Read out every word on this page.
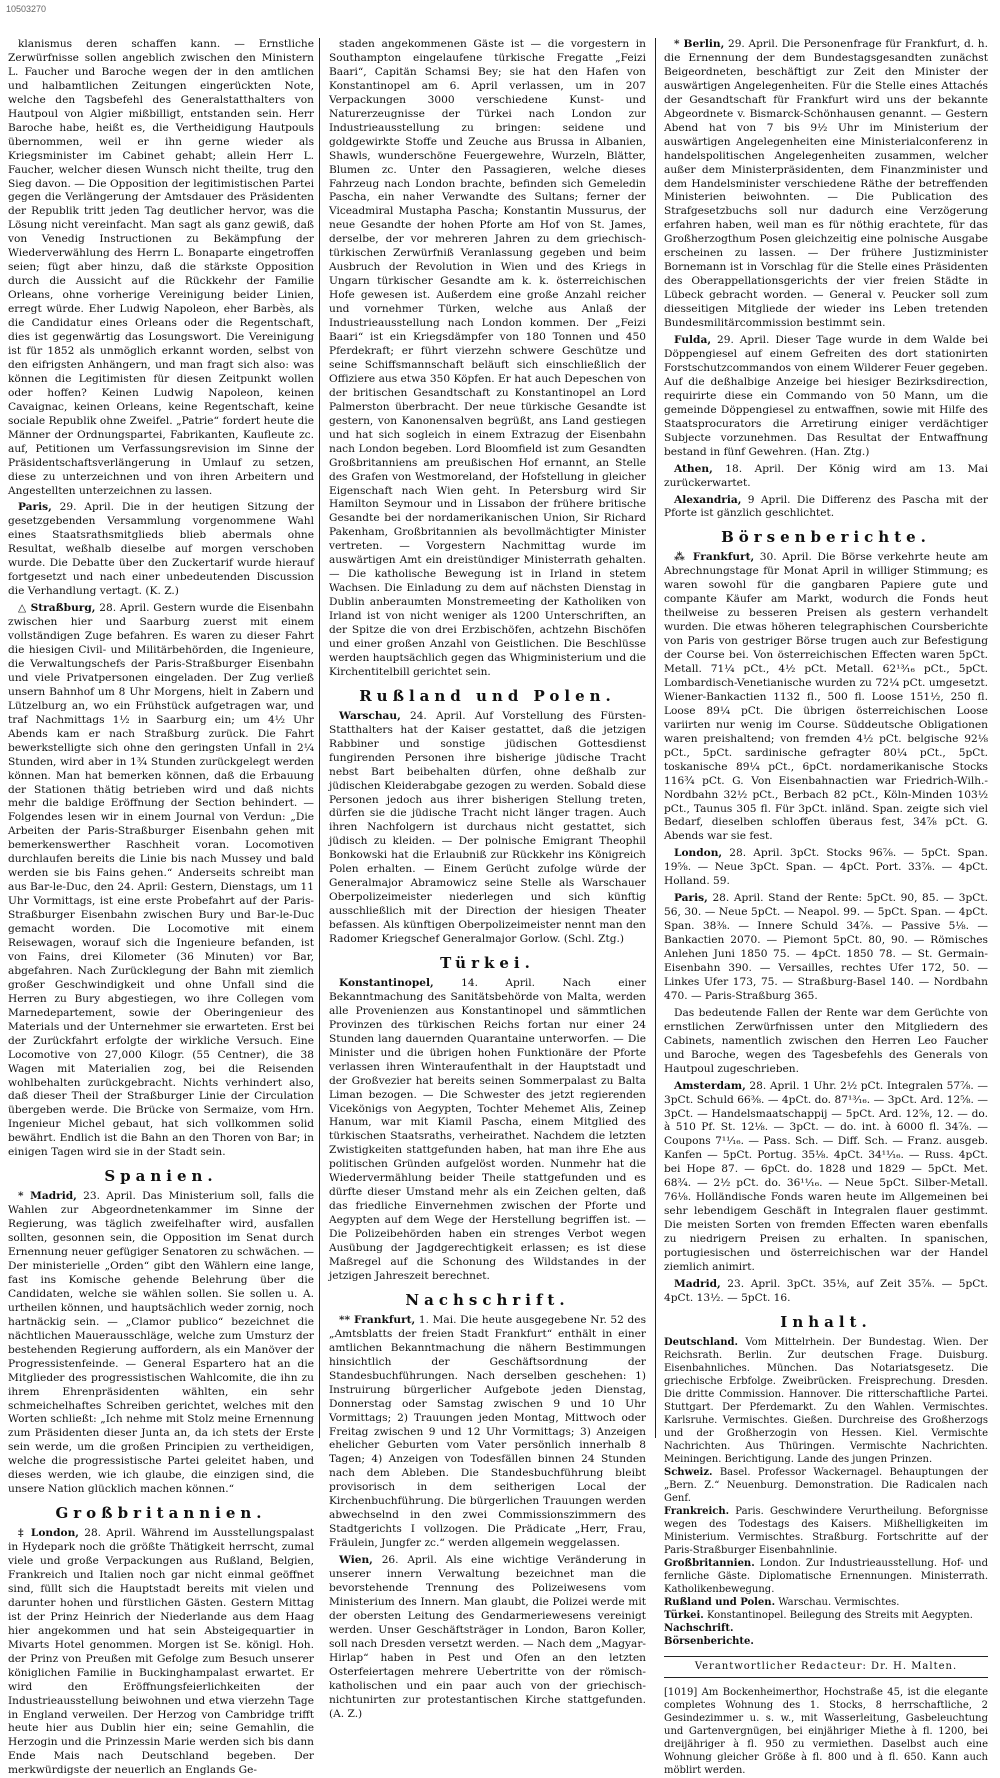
10503270

klanismus deren schaffen kann. — Ernstliche Zerwürfnisse sollen angeblich zwischen den Ministern L. Faucher und Baroche wegen der in den amtlichen und halbamtlichen Zeitungen eingerückten Note, welche den Tagsbefehl des Generalstatthalters von Hautpoul von Algier mißbilligt, entstanden sein. Herr Baroche habe, heißt es, die Vertheidigung Hautpouls übernommen, weil er ihn gerne wieder als Kriegsminister im Cabinet gehabt; allein Herr L. Faucher, welcher diesen Wunsch nicht theilte, trug den Sieg davon. — Die Opposition der legitimistischen Partei gegen die Verlängerung der Amtsdauer des Präsidenten der Republik tritt jeden Tag deutlicher hervor, was die Lösung nicht vereinfacht. Man sagt als ganz gewiß, daß von Venedig Instructionen zu Bekämpfung der Wiederverwählung des Herrn L. Bonaparte eingetroffen seien; fügt aber hinzu, daß die stärkste Opposition durch die Aussicht auf die Rückkehr der Familie Orleans, ohne vorherige Vereinigung beider Linien, erregt würde. Eher Ludwig Napoleon, eher Barbès, als die Candidatur eines Orleans oder die Regentschaft, dies ist gegenwärtig das Losungswort. Die Vereinigung ist für 1852 als unmöglich erkannt worden, selbst von den eifrigsten Anhängern, und man fragt sich also: was können die Legitimisten für diesen Zeitpunkt wollen oder hoffen? Keinen Ludwig Napoleon, keinen Cavaignac, keinen Orleans, keine Regentschaft, keine sociale Republik ohne Zweifel. „Patrie“ fordert heute die Männer der Ordnungspartei, Fabrikanten, Kaufleute zc. auf, Petitionen um Verfassungsrevision im Sinne der Präsidentschaftsverlängerung in Umlauf zu setzen, diese zu unterzeichnen und von ihren Arbeitern und Angestellten unterzeichnen zu lassen.

Paris, 29. April. Die in der heutigen Sitzung der gesetzgebenden Versammlung vorgenommene Wahl eines Staatsrathsmitglieds blieb abermals ohne Resultat, weßhalb dieselbe auf morgen verschoben wurde. Die Debatte über den Zuckertarif wurde hierauf fortgesetzt und nach einer unbedeutenden Discussion die Verhandlung vertagt. (K. Z.)

△ Straßburg, 28. April. Gestern wurde die Eisenbahn zwischen hier und Saarburg zuerst mit einem vollständigen Zuge befahren. Es waren zu dieser Fahrt die hiesigen Civil- und Militärbehörden, die Ingenieure, die Verwaltungschefs der Paris-Straßburger Eisenbahn und viele Privatpersonen eingeladen. Der Zug verließ unsern Bahnhof um 8 Uhr Morgens, hielt in Zabern und Lützelburg an, wo ein Frühstück aufgetragen war, und traf Nachmittags 1½ in Saarburg ein; um 4½ Uhr Abends kam er nach Straßburg zurück. Die Fahrt bewerkstelligte sich ohne den geringsten Unfall in 2¼ Stunden, wird aber in 1¾ Stunden zurückgelegt werden können. Man hat bemerken können, daß die Erbauung der Stationen thätig betrieben wird und daß nichts mehr die baldige Eröffnung der Section behindert. — Folgendes lesen wir in einem Journal von Verdun: „Die Arbeiten der Paris-Straßburger Eisenbahn gehen mit bemerkenswerther Raschheit voran. Locomotiven durchlaufen bereits die Linie bis nach Mussey und bald werden sie bis Fains gehen.“ Anderseits schreibt man aus Bar-le-Duc, den 24. April: Gestern, Dienstags, um 11 Uhr Vormittags, ist eine erste Probefahrt auf der Paris-Straßburger Eisenbahn zwischen Bury und Bar-le-Duc gemacht worden. Die Locomotive mit einem Reisewagen, worauf sich die Ingenieure befanden, ist von Fains, drei Kilometer (36 Minuten) vor Bar, abgefahren. Nach Zurücklegung der Bahn mit ziemlich großer Geschwindigkeit und ohne Unfall sind die Herren zu Bury abgestiegen, wo ihre Collegen vom Marnedepartement, sowie der Oberingenieur des Materials und der Unternehmer sie erwarteten. Erst bei der Zurückfahrt erfolgte der wirkliche Versuch. Eine Locomotive von 27,000 Kilogr. (55 Centner), die 38 Wagen mit Materialien zog, bei die Reisenden wohlbehalten zurückgebracht. Nichts verhindert also, daß dieser Theil der Straßburger Linie der Circulation übergeben werde. Die Brücke von Sermaize, vom Hrn. Ingenieur Michel gebaut, hat sich vollkommen solid bewährt. Endlich ist die Bahn an den Thoren von Bar; in einigen Tagen wird sie in der Stadt sein.

Spanien.

* Madrid, 23. April. Das Ministerium soll, falls die Wahlen zur Abgeordnetenkammer im Sinne der Regierung, was täglich zweifelhafter wird, ausfallen sollten, gesonnen sein, die Opposition im Senat durch Ernennung neuer gefügiger Senatoren zu schwächen. — Der ministerielle „Orden“ gibt den Wählern eine lange, fast ins Komische gehende Belehrung über die Candidaten, welche sie wählen sollen. Sie sollen u. A. urtheilen können, und hauptsächlich weder zornig, noch hartnäckig sein. — „Clamor publico“ bezeichnet die nächtlichen Mauerausschläge, welche zum Umsturz der bestehenden Regierung auffordern, als ein Manöver der Progressistenfeinde. — General Espartero hat an die Mitglieder des progressistischen Wahlcomite, die ihn zu ihrem Ehrenpräsidenten wählten, ein sehr schmeichelhaftes Schreiben gerichtet, welches mit den Worten schließt: „Ich nehme mit Stolz meine Ernennung zum Präsidenten dieser Junta an, da ich stets der Erste sein werde, um die großen Principien zu vertheidigen, welche die progressistische Partei geleitet haben, und dieses werden, wie ich glaube, die einzigen sind, die unsere Nation glücklich machen können.“

Großbritannien.

‡ London, 28. April. Während im Ausstellungspalast in Hydepark noch die größte Thätigkeit herrscht, zumal viele und große Verpackungen aus Rußland, Belgien, Frankreich und Italien noch gar nicht einmal geöffnet sind, füllt sich die Hauptstadt bereits mit vielen und darunter hohen und fürstlichen Gästen. Gestern Mittag ist der Prinz Heinrich der Niederlande aus dem Haag hier angekommen und hat sein Absteigequartier in Mivarts Hotel genommen. Morgen ist Se. königl. Hoh. der Prinz von Preußen mit Gefolge zum Besuch unserer königlichen Familie in Buckinghampalast erwartet. Er wird den Eröffnungsfeierlichkeiten der Industrieausstellung beiwohnen und etwa vierzehn Tage in England verweilen. Der Herzog von Cambridge trifft heute hier aus Dublin hier ein; seine Gemahlin, die Herzogin und die Prinzessin Marie werden sich bis dann Ende Mais nach Deutschland begeben. Der merkwürdigste der neuerlich an Englands Ge-

staden angekommenen Gäste ist — die vorgestern in Southampton eingelaufene türkische Fregatte „Feizi Baari“, Capitän Schamsi Bey; sie hat den Hafen von Konstantinopel am 6. April verlassen, um in 207 Verpackungen 3000 verschiedene Kunst- und Naturerzeugnisse der Türkei nach London zur Industrieausstellung zu bringen: seidene und goldgewirkte Stoffe und Zeuche aus Brussa in Albanien, Shawls, wunderschöne Feuergewehre, Wurzeln, Blätter, Blumen zc. Unter den Passagieren, welche dieses Fahrzeug nach London brachte, befinden sich Gemeledin Pascha, ein naher Verwandte des Sultans; ferner der Viceadmiral Mustapha Pascha; Konstantin Mussurus, der neue Gesandte der hohen Pforte am Hof von St. James, derselbe, der vor mehreren Jahren zu dem griechisch-türkischen Zerwürfniß Veranlassung gegeben und beim Ausbruch der Revolution in Wien und des Kriegs in Ungarn türkischer Gesandte am k. k. österreichischen Hofe gewesen ist. Außerdem eine große Anzahl reicher und vornehmer Türken, welche aus Anlaß der Industrieausstellung nach London kommen. Der „Feizi Baari“ ist ein Kriegsdämpfer von 180 Tonnen und 450 Pferdekraft; er führt vierzehn schwere Geschütze und seine Schiffsmannschaft beläuft sich einschließlich der Offiziere aus etwa 350 Köpfen. Er hat auch Depeschen von der britischen Gesandtschaft zu Konstantinopel an Lord Palmerston überbracht. Der neue türkische Gesandte ist gestern, von Kanonensalven begrüßt, ans Land gestiegen und hat sich sogleich in einem Extrazug der Eisenbahn nach London begeben. Lord Bloomfield ist zum Gesandten Großbritanniens am preußischen Hof ernannt, an Stelle des Grafen von Westmoreland, der Hofstellung in gleicher Eigenschaft nach Wien geht. In Petersburg wird Sir Hamilton Seymour und in Lissabon der frühere britische Gesandte bei der nordamerikanischen Union, Sir Richard Pakenham, Großbritannien als bevollmächtigter Minister vertreten. — Vorgestern Nachmittag wurde im auswärtigen Amt ein dreistündiger Ministerrath gehalten. — Die katholische Bewegung ist in Irland in stetem Wachsen. Die Einladung zu dem auf nächsten Dienstag in Dublin anberaumten Monstremeeting der Katholiken von Irland ist von nicht weniger als 1200 Unterschriften, an der Spitze die von drei Erzbischöfen, achtzehn Bischöfen und einer großen Anzahl von Geistlichen. Die Beschlüsse werden hauptsächlich gegen das Whigministerium und die Kirchentitelbill gerichtet sein.

Rußland und Polen.

Warschau, 24. April. Auf Vorstellung des Fürsten-Statthalters hat der Kaiser gestattet, daß die jetzigen Rabbiner und sonstige jüdischen Gottesdienst fungirenden Personen ihre bisherige jüdische Tracht nebst Bart beibehalten dürfen, ohne deßhalb zur jüdischen Kleiderabgabe gezogen zu werden. Sobald diese Personen jedoch aus ihrer bisherigen Stellung treten, dürfen sie die jüdische Tracht nicht länger tragen. Auch ihren Nachfolgern ist durchaus nicht gestattet, sich jüdisch zu kleiden. — Der polnische Emigrant Theophil Bonkowski hat die Erlaubniß zur Rückkehr ins Königreich Polen erhalten. — Einem Gerücht zufolge würde der Generalmajor Abramowicz seine Stelle als Warschauer Oberpolizeimeister niederlegen und sich künftig ausschließlich mit der Direction der hiesigen Theater befassen. Als künftigen Oberpolizeimeister nennt man den Radomer Kriegschef Generalmajor Gorlow. (Schl. Ztg.)

Türkei.

Konstantinopel,	14. April. Nach einer Bekanntmachung des Sanitätsbehörde von Malta, werden alle Provenienzen aus Konstantinopel und sämmtlichen Provinzen des türkischen Reichs fortan nur einer 24 Stunden lang dauernden Quarantaine unterworfen. — Die Minister und die übrigen hohen Funktionäre der Pforte verlassen ihren Winteraufenthalt in der Hauptstadt und der Großvezier hat bereits seinen Sommerpalast zu Balta Liman bezogen. — Die Schwester des jetzt regierenden Vicekönigs von Aegypten, Tochter Mehemet Alis, Zeinep Hanum, war mit Kiamil Pascha, einem Mitglied des türkischen Staatsraths, verheirathet. Nachdem die letzten Zwistigkeiten stattgefunden haben, hat man ihre Ehe aus politischen Gründen aufgelöst worden. Nunmehr hat die Wiedervermählung beider Theile stattgefunden und es dürfte dieser Umstand mehr als ein Zeichen gelten, daß das friedliche Einvernehmen zwischen der Pforte und Aegypten auf dem Wege der Herstellung begriffen ist. — Die Polizeibehörden haben ein strenges Verbot wegen Ausübung der Jagdgerechtigkeit erlassen; es ist diese Maßregel auf die Schonung des Wildstandes in der jetzigen Jahreszeit berechnet.

Nachschrift.

** Frankfurt, 1. Mai. Die heute ausgegebene Nr. 52 des „Amtsblatts der freien Stadt Frankfurt“ enthält in einer amtlichen Bekanntmachung die nähern Bestimmungen hinsichtlich der Geschäftsordnung der Standesbuchführungen. Nach derselben geschehen: 1) Instruirung bürgerlicher Aufgebote jeden Dienstag, Donnerstag oder Samstag zwischen 9 und 10 Uhr Vormittags; 2) Trauungen jeden Montag, Mittwoch oder Freitag zwischen 9 und 12 Uhr Vormittags; 3) Anzeigen ehelicher Geburten vom Vater persönlich innerhalb 8 Tagen; 4) Anzeigen von Todesfällen binnen 24 Stunden nach dem Ableben. Die Standesbuchführung bleibt provisorisch in dem seitherigen Local der Kirchenbuchführung. Die bürgerlichen Trauungen werden abwechselnd in den zwei Commissionszimmern des Stadtgerichts I vollzogen. Die Prädicate „Herr, Frau, Fräulein, Jungfer zc.“ werden allgemein weggelassen.

Wien, 26. April. Als eine wichtige Veränderung in unserer innern Verwaltung bezeichnet man die bevorstehende Trennung des Polizeiwesens vom Ministerium des Innern. Man glaubt, die Polizei werde mit der obersten Leitung des Gendarmeriewesens vereinigt werden. Unser Geschäftsträger in London, Baron Koller, soll nach Dresden versetzt werden. — Nach dem „Magyar-Hirlap“ haben in Pest und Ofen an den letzten Osterfeiertagen mehrere Uebertritte von der römisch-katholischen und ein paar auch von der griechisch-nichtunirten zur protestantischen Kirche stattgefunden. (A. Z.)

* Berlin, 29. April. Die Personenfrage für Frankfurt, d. h. die Ernennung der dem Bundestagsgesandten zunächst Beigeordneten, beschäftigt zur Zeit den Minister der auswärtigen Angelegenheiten. Für die Stelle eines Attachés der Gesandtschaft für Frankfurt wird uns der bekannte Abgeordnete v. Bismarck-Schönhausen genannt. — Gestern Abend hat von 7 bis 9½ Uhr im Ministerium der auswärtigen Angelegenheiten eine Ministerialconferenz in handelspolitischen Angelegenheiten zusammen, welcher außer dem Ministerpräsidenten, dem Finanzminister und dem Handelsminister verschiedene Räthe der betreffenden Ministerien beiwohnten. — Die Publication des Strafgesetzbuchs soll nur dadurch eine Verzögerung erfahren haben, weil man es für nöthig erachtete, für das Großherzogthum Posen gleichzeitig eine polnische Ausgabe erscheinen zu lassen. — Der frühere Justizminister Bornemann ist in Vorschlag für die Stelle eines Präsidenten des Oberappellationsgerichts der vier freien Städte in Lübeck gebracht worden. — General v. Peucker soll zum diesseitigen Mitgliede der wieder ins Leben tretenden Bundesmilitärcommission bestimmt sein.

Fulda, 29. April. Dieser Tage wurde in dem Walde bei Döppengiesel auf einem Gefreiten des dort stationirten Forstschutzcommandos von einem Wilderer Feuer gegeben. Auf die deßhalbige Anzeige bei hiesiger Bezirksdirection, requirirte diese ein Commando von 50 Mann, um die gemeinde Döppengiesel zu entwaffnen, sowie mit Hilfe des Staatsprocurators die Arretirung einiger verdächtiger Subjecte vorzunehmen. Das Resultat der Entwaffnung bestand in fünf Gewehren. (Han. Ztg.)

Athen, 18. April. Der König wird am 13. Mai zurückerwartet.

Alexandria, 9 April. Die Differenz des Pascha mit der Pforte ist gänzlich geschlichtet.

Börsenberichte.

⁂ Frankfurt, 30. April. Die Börse verkehrte heute am Abrechnungstage für Monat April in williger Stimmung; es waren sowohl für die gangbaren Papiere gute und compante Käufer am Markt, wodurch die Fonds heut theilweise zu besseren Preisen als gestern verhandelt wurden. Die etwas höheren telegraphischen Coursberichte von Paris von gestriger Börse trugen auch zur Befestigung der Course bei. Von österreichischen Effecten waren 5pCt. Metall. 71¼ pCt., 4½ pCt. Metall. 62¹³⁄₁₆ pCt., 5pCt. Lombardisch-Venetianische wurden zu 72¼ pCt. umgesetzt. Wiener-Bankactien 1132 fl., 500 fl. Loose 151½, 250 fl. Loose 89¼ pCt. Die übrigen österreichischen Loose variirten nur wenig im Course. Süddeutsche Obligationen waren preishaltend; von fremden 4½ pCt. belgische 92⅛ pCt., 5pCt. sardinische gefragter 80¼ pCt., 5pCt. toskanische 89¼ pCt., 6pCt. nordamerikanische Stocks 116¾ pCt. G. Von Eisenbahnactien war Friedrich-Wilh.-Nordbahn 32½ pCt., Berbach 82 pCt., Köln-Minden 103½ pCt., Taunus 305 fl. Für 3pCt. inländ. Span. zeigte sich viel Bedarf, dieselben schloffen überaus fest, 34⅞ pCt. G. Abends war sie fest.

London, 28. April. 3pCt. Stocks 96⅞. — 5pCt. Span. 19⅝. — Neue 3pCt. Span. — 4pCt. Port. 33⅞. — 4pCt. Holland. 59.

Paris, 28. April. Stand der Rente: 5pCt. 90, 85. — 3pCt. 56, 30. — Neue 5pCt. — Neapol. 99. — 5pCt. Span. — 4pCt. Span. 38⅜. — Innere Schuld 34⅞. — Passive 5⅛. — Bankactien 2070. — Piemont 5pCt. 80, 90. — Römisches Anlehen Juni 1850 75. — 4pCt. 1850 78. — St. Germain-Eisenbahn 390. — Versailles, rechtes Ufer 172, 50. — Linkes Ufer 173, 75. — Straßburg-Basel 140. — Nordbahn 470. — Paris-Straßburg 365.

Das bedeutende Fallen der Rente war dem Gerüchte von ernstlichen Zerwürfnissen unter den Mitgliedern des Cabinets, namentlich zwischen den Herren Leo Faucher und Baroche, wegen des Tagesbefehls des Generals von Hautpoul zugeschrieben.

Amsterdam, 28. April. 1 Uhr. 2½ pCt. Integralen 57⅞. — 3pCt. Schuld 66⅜. — 4pCt. do. 87¹³⁄₁₆. — 3pCt. Ard. 12⅝. — 3pCt. — Handelsmaatschappij — 5pCt. Ard. 12⅝, 12. — do. à 510 Pf. St. 12⅛. — 3pCt. — do. int. à 6000 fl. 34⅞. — Coupons 7¹¹⁄₁₆. — Pass. Sch. — Diff. Sch. — Franz. ausgeb. Kanfen — 5pCt. Portug. 35⅛. 4pCt. 34¹¹⁄₁₆. — Russ. 4pCt. bei Hope 87. — 6pCt. do. 1828 und 1829 — 5pCt. Met. 68¾. — 2½ pCt. do. 36¹¹⁄₁₆. — Neue 5pCt. Silber-Metall. 76⅛. Holländische Fonds waren heute im Allgemeinen bei sehr lebendigem Geschäft in Integralen flauer gestimmt. Die meisten Sorten von fremden Effecten waren ebenfalls zu niedrigern Preisen zu erhalten. In spanischen, portugiesischen und österreichischen war der Handel ziemlich animirt.

Madrid, 23. April. 3pCt. 35⅛, auf Zeit 35⅞. — 5pCt. 4pCt. 13½. — 5pCt. 16.

Inhalt.

Deutschland. Vom Mittelrhein. Der Bundestag. Wien. Der Reichsrath. Berlin. Zur deutschen Frage. Duisburg. Eisenbahnliches. München. Das Notariatsgesetz. Die griechische Erbfolge. Zweibrücken. Freisprechung. Dresden. Die dritte Commission. Hannover. Die ritterschaftliche Partei. Stuttgart. Der Pferdemarkt. Zu den Wahlen. Vermischtes. Karlsruhe. Vermischtes. Gießen. Durchreise des Großherzogs und der Großherzogin von Hessen. Kiel. Vermischte Nachrichten. Aus Thüringen. Vermischte Nachrichten. Meiningen. Berichtigung. Lande des jungen Prinzen.

Schweiz. Basel. Professor Wackernagel. Behauptungen der „Bern. Z.“ Neuenburg. Demonstration. Die Radicalen nach Genf.

Frankreich. Paris. Geschwindere Verurtheilung. Beforgnisse wegen des Todestags des Kaisers. Mißhelligkeiten im Ministerium. Vermischtes. Straßburg. Fortschritte auf der Paris-Straßburger Eisenbahnlinie.

Großbritannien. London. Zur Industrieausstellung. Hof- und fernliche Gäste. Diplomatische Ernennungen. Ministerrath. Katholikenbewegung.

Rußland und Polen. Warschau. Vermischtes.

Türkei. Konstantinopel. Beilegung des Streits mit Aegypten.

Nachschrift.

Börsenberichte.

Verantwortlicher Redacteur: Dr. H. Malten.

[1019] Am Bockenheimerthor, Hochstraße 45, ist die elegante completes Wohnung des 1. Stocks, 8 herrschaftliche, 2 Gesindezimmer u. s. w., mit Wasserleitung, Gasbeleuchtung und Gartenvergnügen, bei einjähriger Miethe à fl. 1200, bei dreijähriger à fl. 950 zu vermiethen. Daselbst auch eine Wohnung gleicher Größe à fl. 800 und à fl. 650. Kann auch möblirt werden.
